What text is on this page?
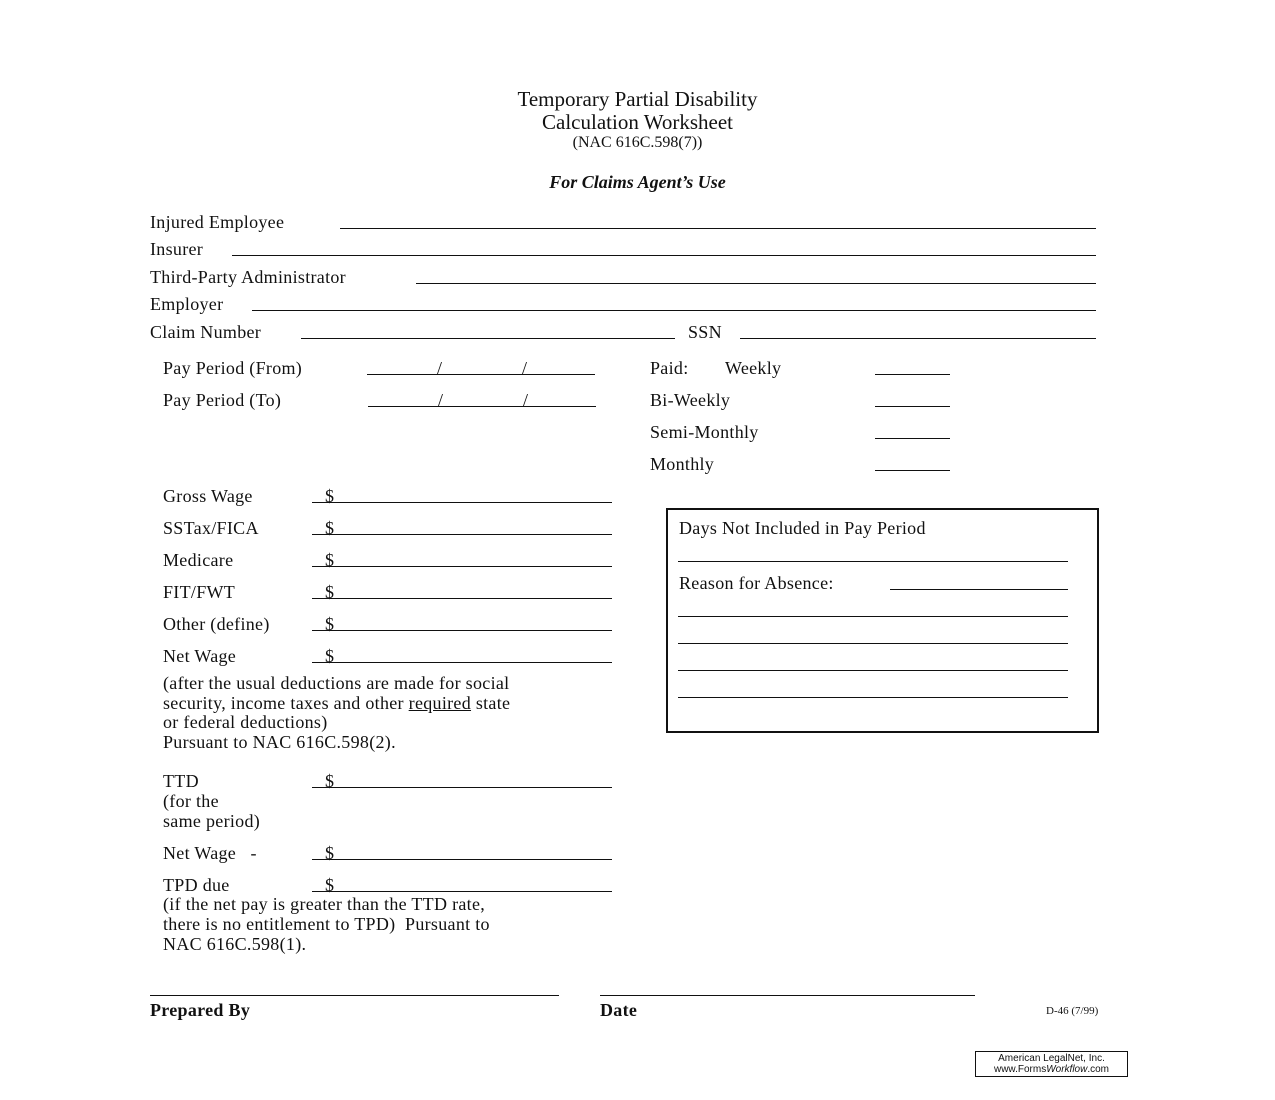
Temporary Partial Disability
Calculation Worksheet
(NAC 616C.598(7))
For Claims Agent’s Use
Injured Employee
Insurer
Third-Party Administrator
Employer
Claim Number	SSN
Pay Period (From)	/	/
Pay Period (To)	/	/
Paid: Weekly
Bi-Weekly
Semi-Monthly
Monthly
Gross Wage	$
SSTax/FICA	$
Medicare	$
FIT/FWT	$
Other (define)	$
Net Wage	$
(after the usual deductions are made for social
security, income taxes and other required state
or federal deductions)
Pursuant to NAC 616C.598(2).
TTD	$
(for the
same period)
Net Wage   -	$
TPD due	$
(if the net pay is greater than the TTD rate,
there is no entitlement to TPD)  Pursuant to
NAC 616C.598(1).
Days Not Included in Pay Period
Reason for Absence:
Prepared By	Date	D-46 (7/99)
American LegalNet, Inc.
www.FormsWorkflow.com
